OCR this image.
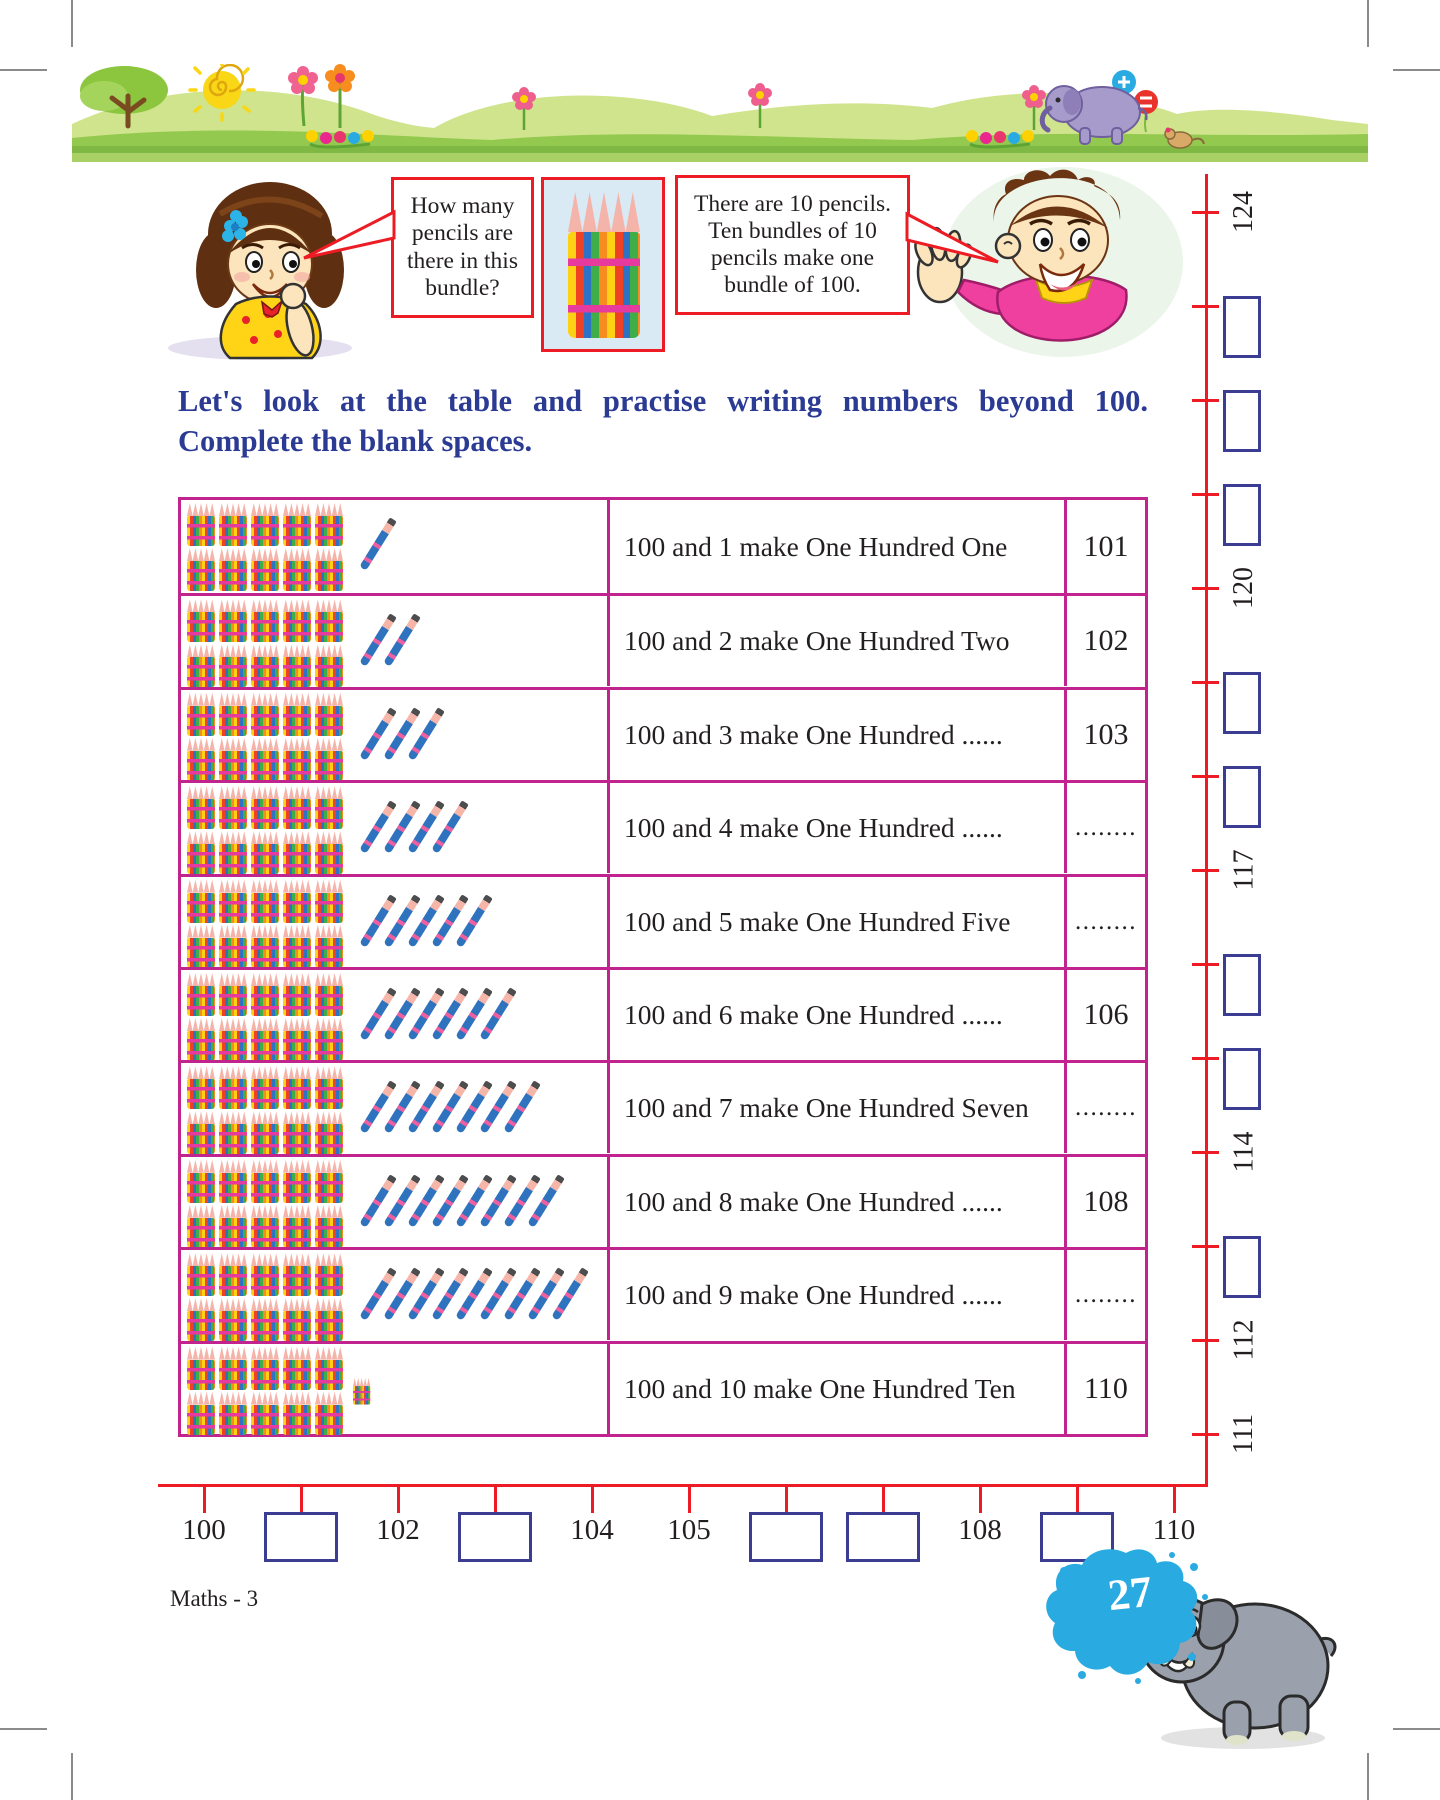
How many pencils are there in this bundle?
There are 10 pencils. Ten bundles of 10 pencils make one bundle of 100.
Let's look at the table and practise writing numbers beyond 100.
Complete the blank spaces.
100 and 1 make One Hundred One	101
100 and 2 make One Hundred Two	102
100 and 3 make One Hundred ......	103
100 and 4 make One Hundred ......	........
100 and 5 make One Hundred Five	........
100 and 6 make One Hundred ......	106
100 and 7 make One Hundred Seven	........
100 and 8 make One Hundred ......	108
100 and 9 make One Hundred ......	........
100 and 10 make One Hundred Ten	110
124
120
117
114
112
111
100	102	104	105	108	110
Maths - 3	27
